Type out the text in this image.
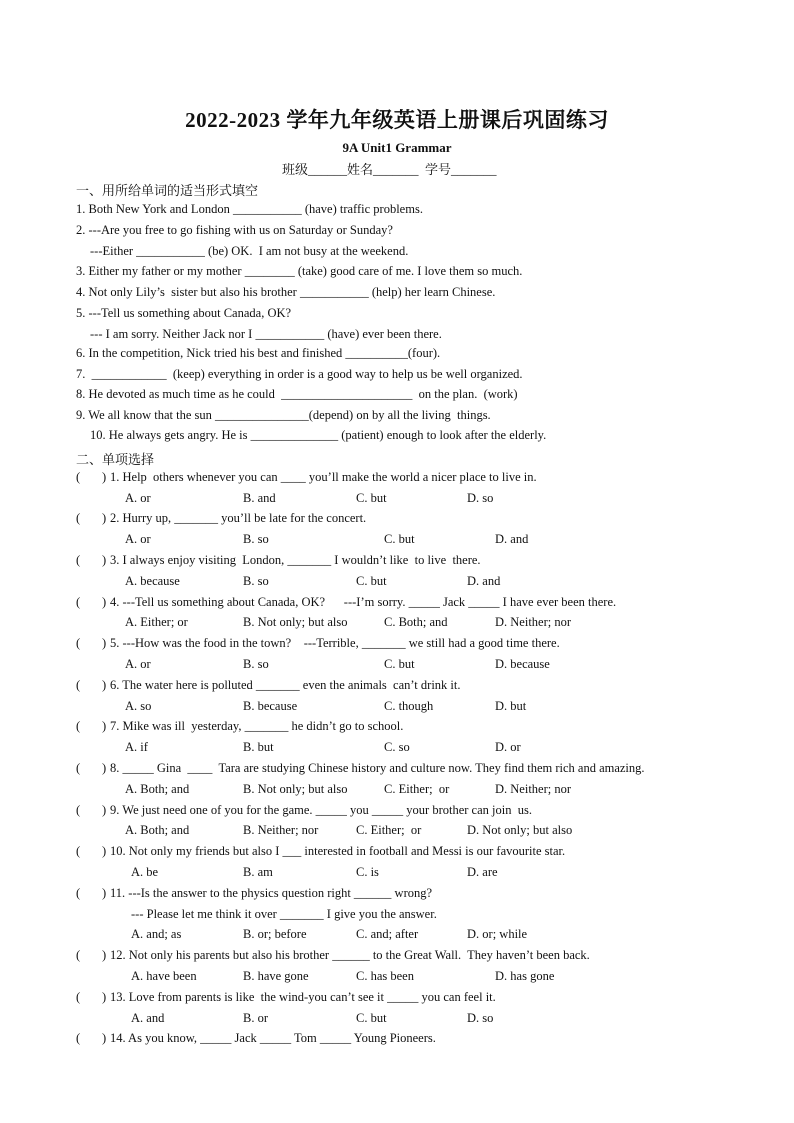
2022-2023 学年九年级英语上册课后巩固练习
9A Unit1 Grammar
班级______姓名_______  学号_______
一、用所给单词的适当形式填空
1. Both New York and London ___________ (have) traffic problems.
2. ---Are you free to go fishing with us on Saturday or Sunday?
---Either ___________ (be) OK.  I am not busy at the weekend.
3. Either my father or my mother ________ (take) good care of me. I love them so much.
4. Not only Lily’s  sister but also his brother ___________ (help) her learn Chinese.
5. ---Tell us something about Canada, OK?
--- I am sorry. Neither Jack nor I ___________ (have) ever been there.
6. In the competition, Nick tried his best and finished __________(four).
7.  ____________  (keep) everything in order is a good way to help us be well organized.
8. He devoted as much time as he could  _____________________  on the plan.  (work)
9. We all know that the sun _______________(depend) on by all the living  things.
10. He always gets angry. He is ______________ (patient) enough to look after the elderly.
二、单项选择
( ) 1. Help  others whenever you can ____ you’ll make the world a nicer place to live in.
A. or	B. and	C. but	D. so
( ) 2. Hurry up, _______ you’ll be late for the concert.
A. or	B. so	C. but	D. and
( ) 3. I always enjoy visiting  London, _______ I wouldn’t like  to live  there.
A. because	B. so	C. but	D. and
( ) 4. ---Tell us something about Canada, OK?      ---I’m sorry. _____ Jack _____ I have ever been there.
A. Either; or	B. Not only; but also	C. Both; and	D. Neither; nor
( ) 5. ---How was the food in the town?    ---Terrible, _______ we still had a good time there.
A. or	B. so	C. but	D. because
( ) 6. The water here is polluted _______ even the animals  can’t drink it.
A. so	B. because	C. though	D. but
( ) 7. Mike was ill  yesterday, _______ he didn’t go to school.
A. if	B. but	C. so	D. or
( ) 8. _____ Gina  ____  Tara are studying Chinese history and culture now. They find them rich and amazing.
A. Both; and	B. Not only; but also	C. Either;  or	D. Neither; nor
( ) 9. We just need one of you for the game. _____ you _____ your brother can join  us.
A. Both; and	B. Neither; nor	C. Either;  or	D. Not only; but also
( ) 10. Not only my friends but also I ___ interested in football and Messi is our favourite star.
A. be	B. am	C. is	D. are
( ) 11. ---Is the answer to the physics question right ______ wrong?
--- Please let me think it over _______ I give you the answer.
A. and; as	B. or; before	C. and; after	D. or; while
( ) 12. Not only his parents but also his brother ______ to the Great Wall.  They haven’t been back.
A. have been	B. have gone	C. has been	D. has gone
( ) 13. Love from parents is like  the wind-you can’t see it _____ you can feel it.
A. and	B. or	C. but	D. so
( ) 14. As you know, _____ Jack _____ Tom _____ Young Pioneers.
